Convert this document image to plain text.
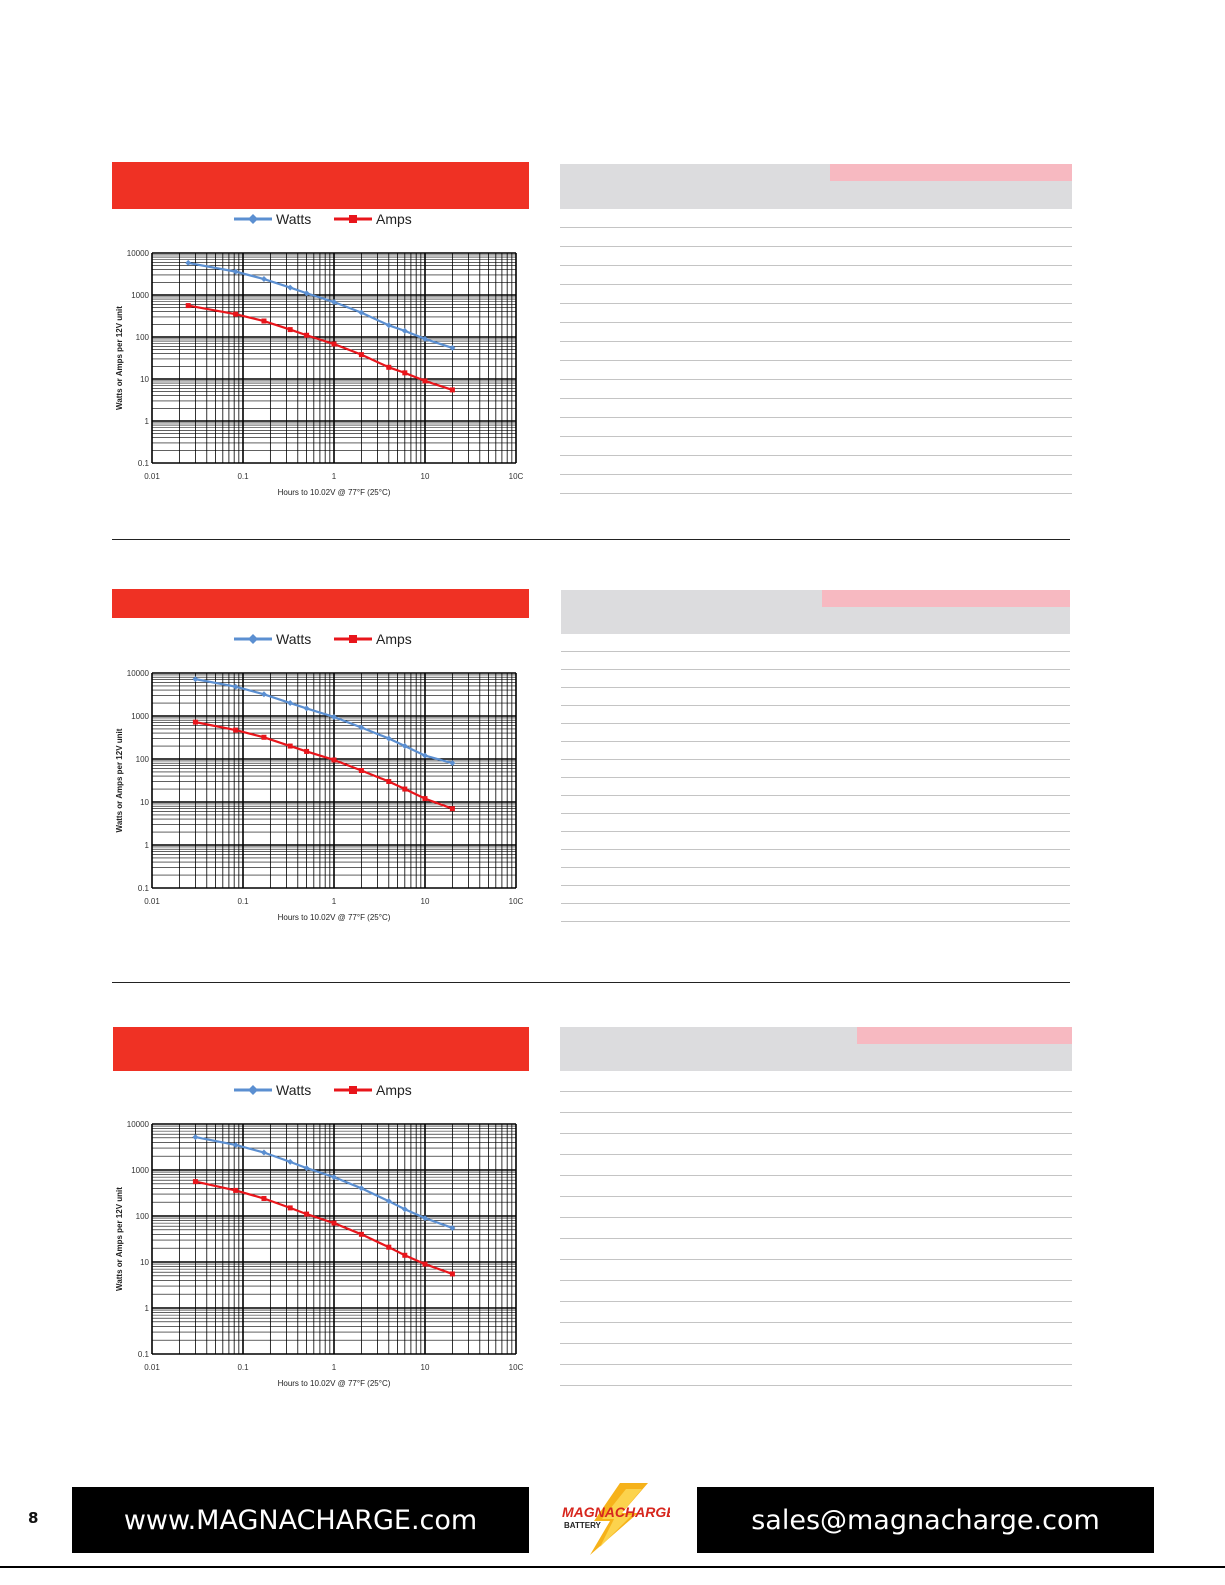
Watts	Amps
0.1
1
10
100
1000
10000
0.01	0.1	1	10	10C
Hours to 10.02V @ 77°F (25°C)
Watts or Amps per 12V unit
Watts	Amps
0.1
1
10
100
1000
10000
0.01	0.1	1	10	10C
Hours to 10.02V @ 77°F (25°C)
Watts or Amps per 12V unit
Watts	Amps
0.1
1
10
100
1000
10000
0.01	0.1	1	10	10C
Hours to 10.02V @ 77°F (25°C)
Watts or Amps per 12V unit
8	www.MAGNACHARGE.com	MAGNACHARGE
BATTERY	sales@magnacharge.com
